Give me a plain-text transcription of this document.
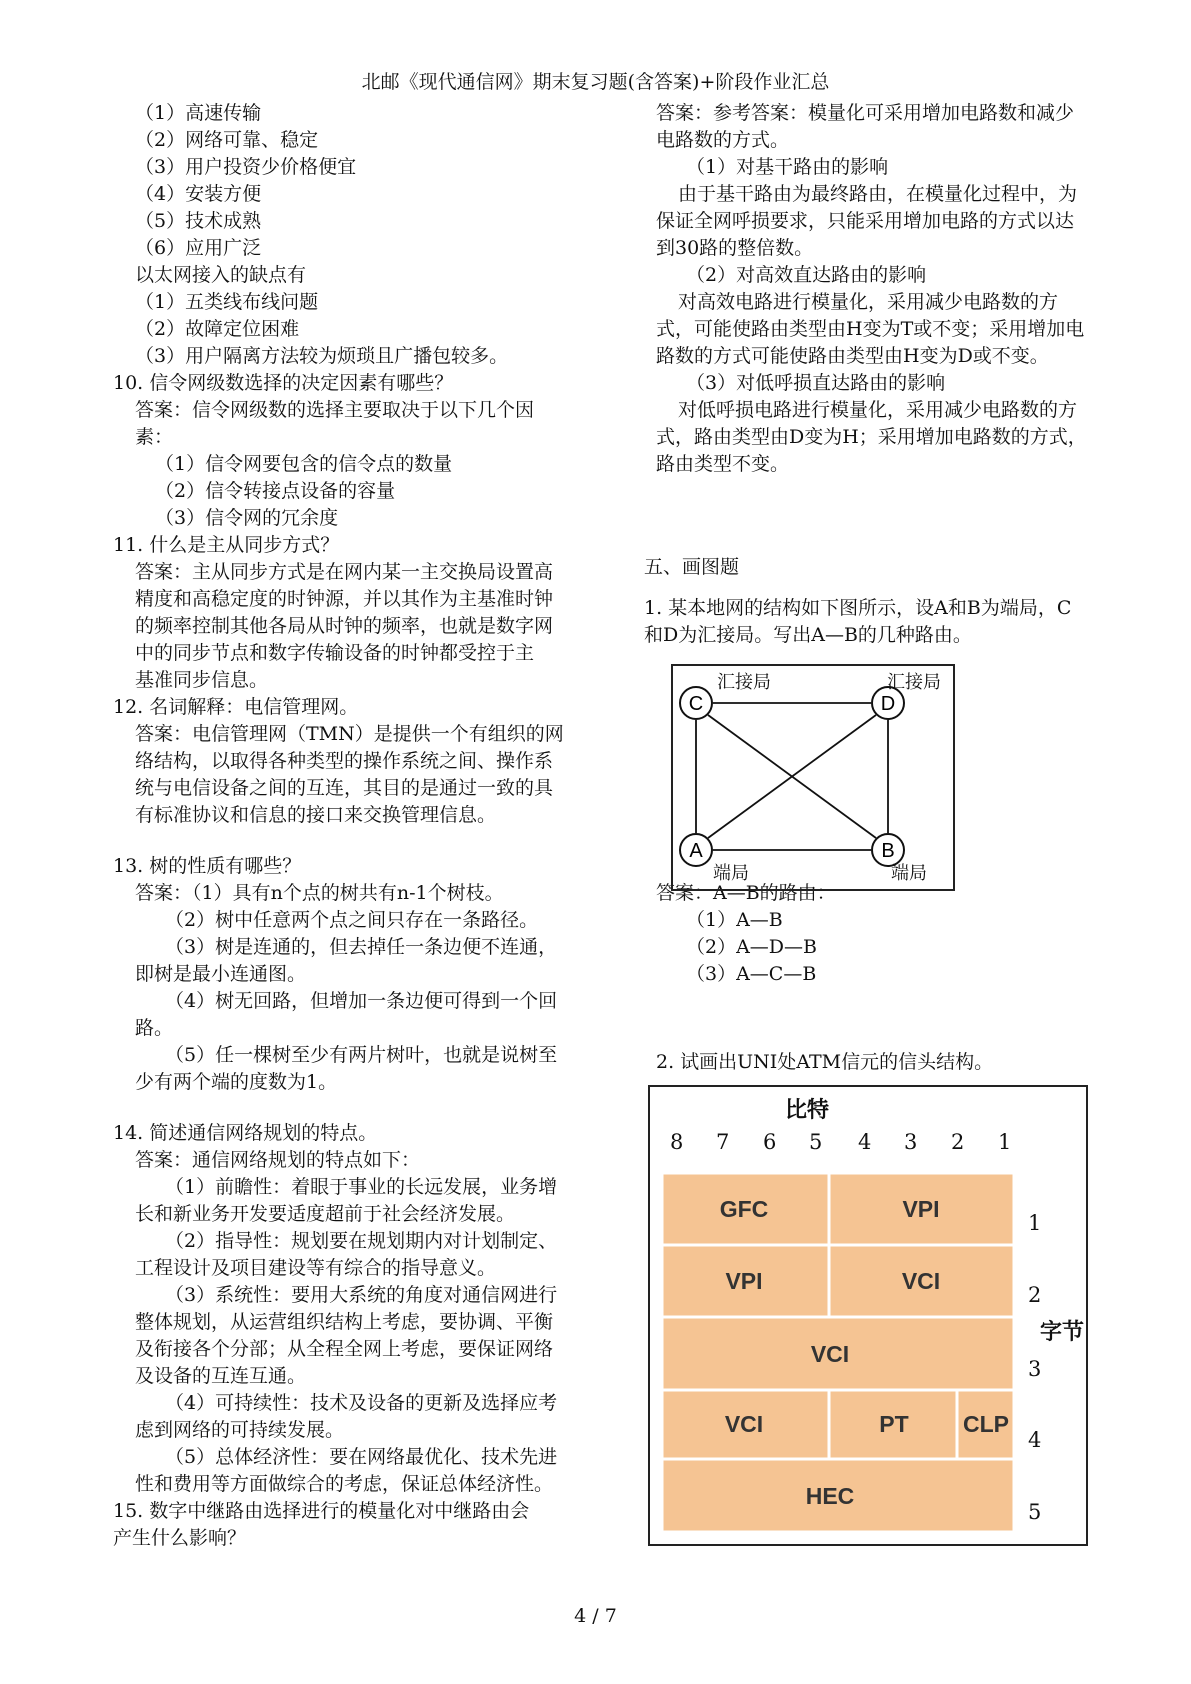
北邮《现代通信网》期末复习题(含答案)+阶段作业汇总
（1）高速传输
（2）网络可靠、稳定
（3）用户投资少价格便宜
（4）安装方便
（5）技术成熟
（6）应用广泛
以太网接入的缺点有
（1）五类线布线问题
（2）故障定位困难
（3）用户隔离方法较为烦琐且广播包较多。
10. 信令网级数选择的决定因素有哪些？
答案：信令网级数的选择主要取决于以下几个因
素：
（1）信令网要包含的信令点的数量
（2）信令转接点设备的容量
（3）信令网的冗余度
11. 什么是主从同步方式？
答案：主从同步方式是在网内某一主交换局设置高
精度和高稳定度的时钟源，并以其作为主基准时钟
的频率控制其他各局从时钟的频率，也就是数字网
中的同步节点和数字传输设备的时钟都受控于主
基准同步信息。
12. 名词解释：电信管理网。
答案：电信管理网（TMN）是提供一个有组织的网
络结构，以取得各种类型的操作系统之间、操作系
统与电信设备之间的互连，其目的是通过一致的具
有标准协议和信息的接口来交换管理信息。
13. 树的性质有哪些？
答案：（1）具有n个点的树共有n-1个树枝。
（2）树中任意两个点之间只存在一条路径。
（3）树是连通的，但去掉任一条边便不连通，
即树是最小连通图。
（4）树无回路，但增加一条边便可得到一个回
路。
（5）任一棵树至少有两片树叶，也就是说树至
少有两个端的度数为1。
14. 简述通信网络规划的特点。
答案：通信网络规划的特点如下：
（1）前瞻性：着眼于事业的长远发展，业务增
长和新业务开发要适度超前于社会经济发展。
（2）指导性：规划要在规划期内对计划制定、
工程设计及项目建设等有综合的指导意义。
（3）系统性：要用大系统的角度对通信网进行
整体规划，从运营组织结构上考虑，要协调、平衡
及衔接各个分部；从全程全网上考虑，要保证网络
及设备的互连互通。
（4）可持续性：技术及设备的更新及选择应考
虑到网络的可持续发展。
（5）总体经济性：要在网络最优化、技术先进
性和费用等方面做综合的考虑，保证总体经济性。
15. 数字中继路由选择进行的模量化对中继路由会
产生什么影响？
答案：参考答案：模量化可采用增加电路数和减少
电路数的方式。
（1）对基干路由的影响
由于基干路由为最终路由，在模量化过程中，为
保证全网呼损要求，只能采用增加电路的方式以达
到30路的整倍数。
（2）对高效直达路由的影响
对高效电路进行模量化，采用减少电路数的方
式，可能使路由类型由H变为T或不变；采用增加电
路数的方式可能使路由类型由H变为D或不变。
（3）对低呼损直达路由的影响
对低呼损电路进行模量化，采用减少电路数的方
式，路由类型由D变为H；采用增加电路数的方式，
路由类型不变。
五、画图题
1. 某本地网的结构如下图所示，设A和B为端局，C
和D为汇接局。写出A—B的几种路由。
答案：A—B的路由：
（1）A—B
（2）A—D—B
（3）A—C—B
2. 试画出UNI处ATM信元的信头结构。
C	D
A	B
汇接局	汇接局
端局	端局
比特
8 7 6 5 4 3 2 1
1
2
3
4
5
字节
GFC	VPI
VPI	VCI
VCI
VCI	PT CLP
HEC
4 / 7
